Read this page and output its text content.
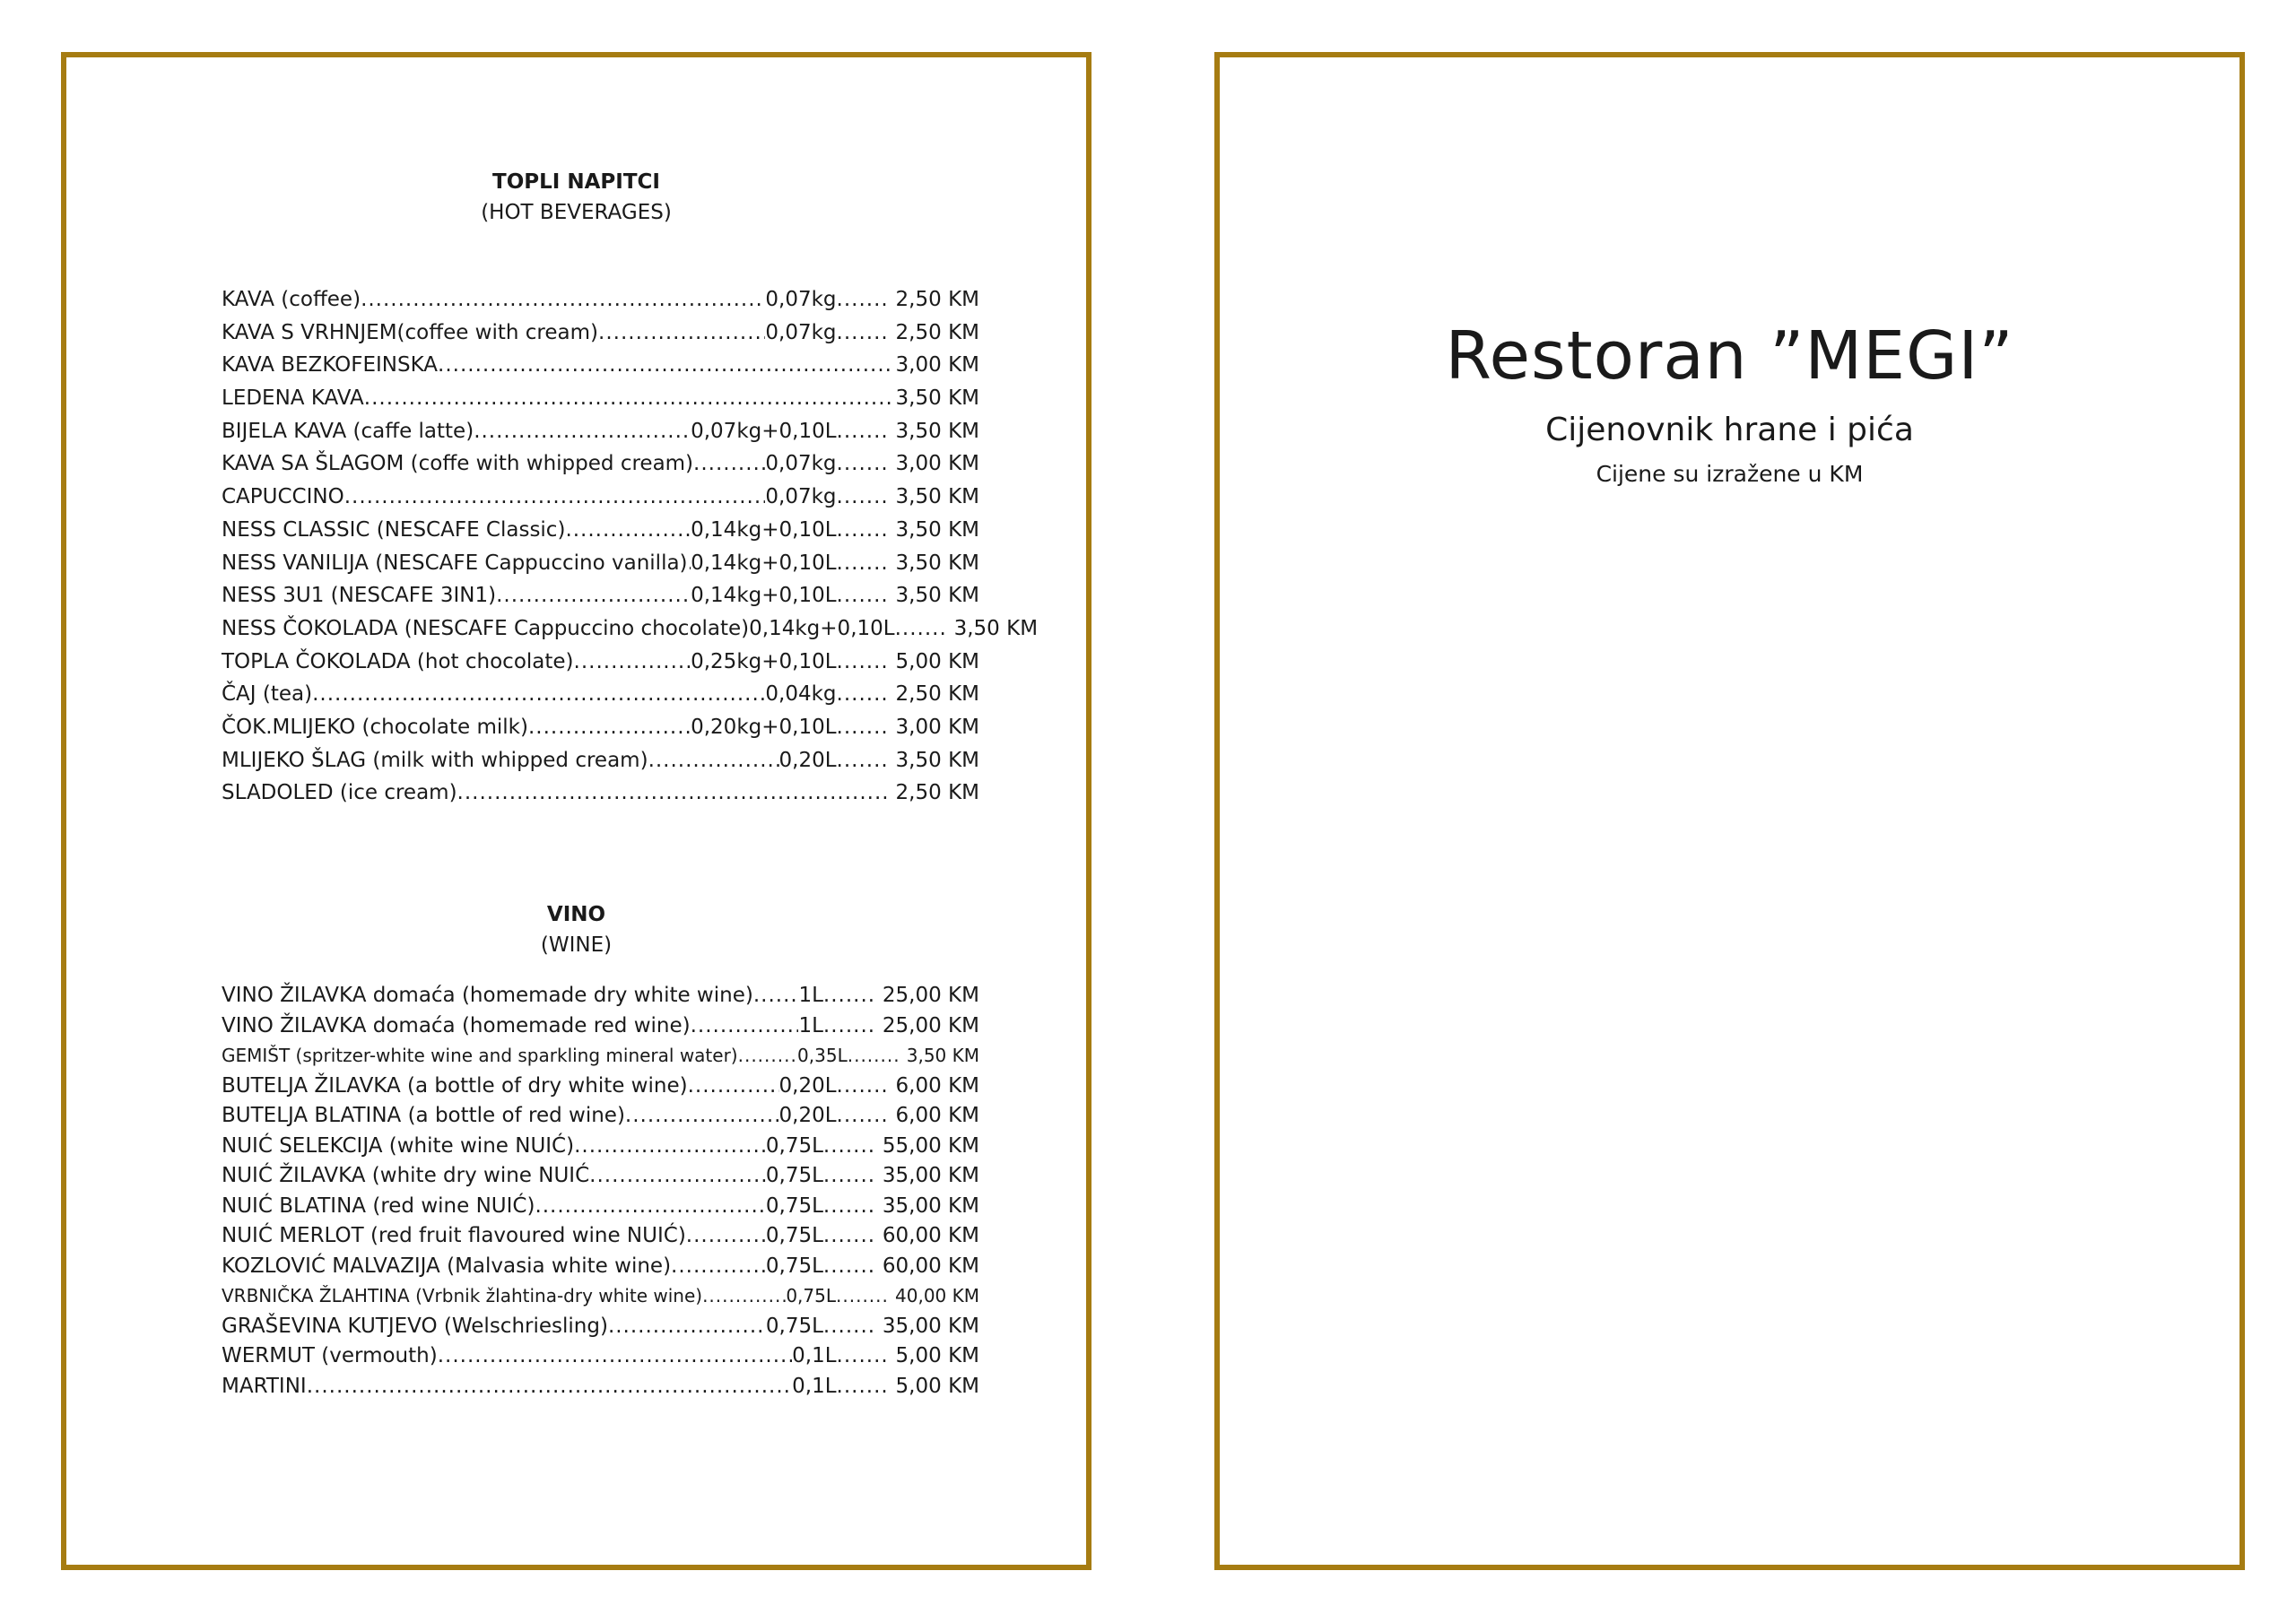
TOPLI NAPITCI
(HOT BEVERAGES)
KAVA (coffee) .....	0,07kg .....	2,50 KM
KAVA S VRHNJEM(coffee with cream) .....	0,07kg .....	2,50 KM
KAVA BEZKOFEINSKA .....	3,00 KM
LEDENA KAVA .....	3,50 KM
BIJELA KAVA (caffe latte) .....	0,07kg+0,10L .....	3,50 KM
KAVA SA ŠLAGOM (coffe with whipped cream) .....	0,07kg .....	3,00 KM
CAPUCCINO .....	0,07kg .....	3,50 KM
NESS CLASSIC (NESCAFE Classic) .....	0,14kg+0,10L .....	3,50 KM
NESS VANILIJA (NESCAFE Cappuccino vanilla) ..... 0,14kg+0,10L .....	3,50 KM
NESS 3U1 (NESCAFE 3IN1) .....	0,14kg+0,10L .....	3,50 KM
NESS ČOKOLADA (NESCAFE Cappuccino chocolate) 0,14kg+0,10L .....	3,50 KM
TOPLA ČOKOLADA (hot chocolate) .....	0,25kg+0,10L .....	5,00 KM
ČAJ (tea) .....	0,04kg .....	2,50 KM
ČOK.MLIJEKO (chocolate milk) .....	0,20kg+0,10L .....	3,00 KM
MLIJEKO ŠLAG (milk with whipped cream) .....	0,20L .....	3,50 KM
SLADOLED (ice cream) .....	2,50 KM
VINO
(WINE)
VINO ŽILAVKA domaća (homemade dry white wine) ..... 1L .....	25,00 KM
VINO ŽILAVKA domaća (homemade red wine) .....	1L .....	25,00 KM
GEMIŠT (spritzer-white wine and sparkling mineral water) .....	0,35L .....	3,50 KM
BUTELJA ŽILAVKA (a bottle of dry white wine) .....	0,20L .....	6,00 KM
BUTELJA BLATINA (a bottle of red wine) .....	0,20L .....	6,00 KM
NUIĆ SELEKCIJA (white wine NUIĆ) .....	0,75L .....	55,00 KM
NUIĆ ŽILAVKA (white dry wine NUIĆ .....	0,75L .....	35,00 KM
NUIĆ BLATINA (red wine NUIĆ) .....	0,75L .....	35,00 KM
NUIĆ MERLOT (red fruit flavoured wine NUIĆ) .....	0,75L .....	60,00 KM
KOZLOVIĆ MALVAZIJA (Malvasia white wine) .....	0,75L .....	60,00 KM
VRBNIČKA ŽLAHTINA (Vrbnik žlahtina-dry white wine) .....	0,75L .....	40,00 KM
GRAŠEVINA KUTJEVO (Welschriesling) .....	0,75L .....	35,00 KM
WERMUT (vermouth) .....	0,1L .....	5,00 KM
MARTINI .....	0,1L .....	5,00 KM
Restoran ”MEGI”
Cijenovnik hrane i pića
Cijene su izražene u KM
